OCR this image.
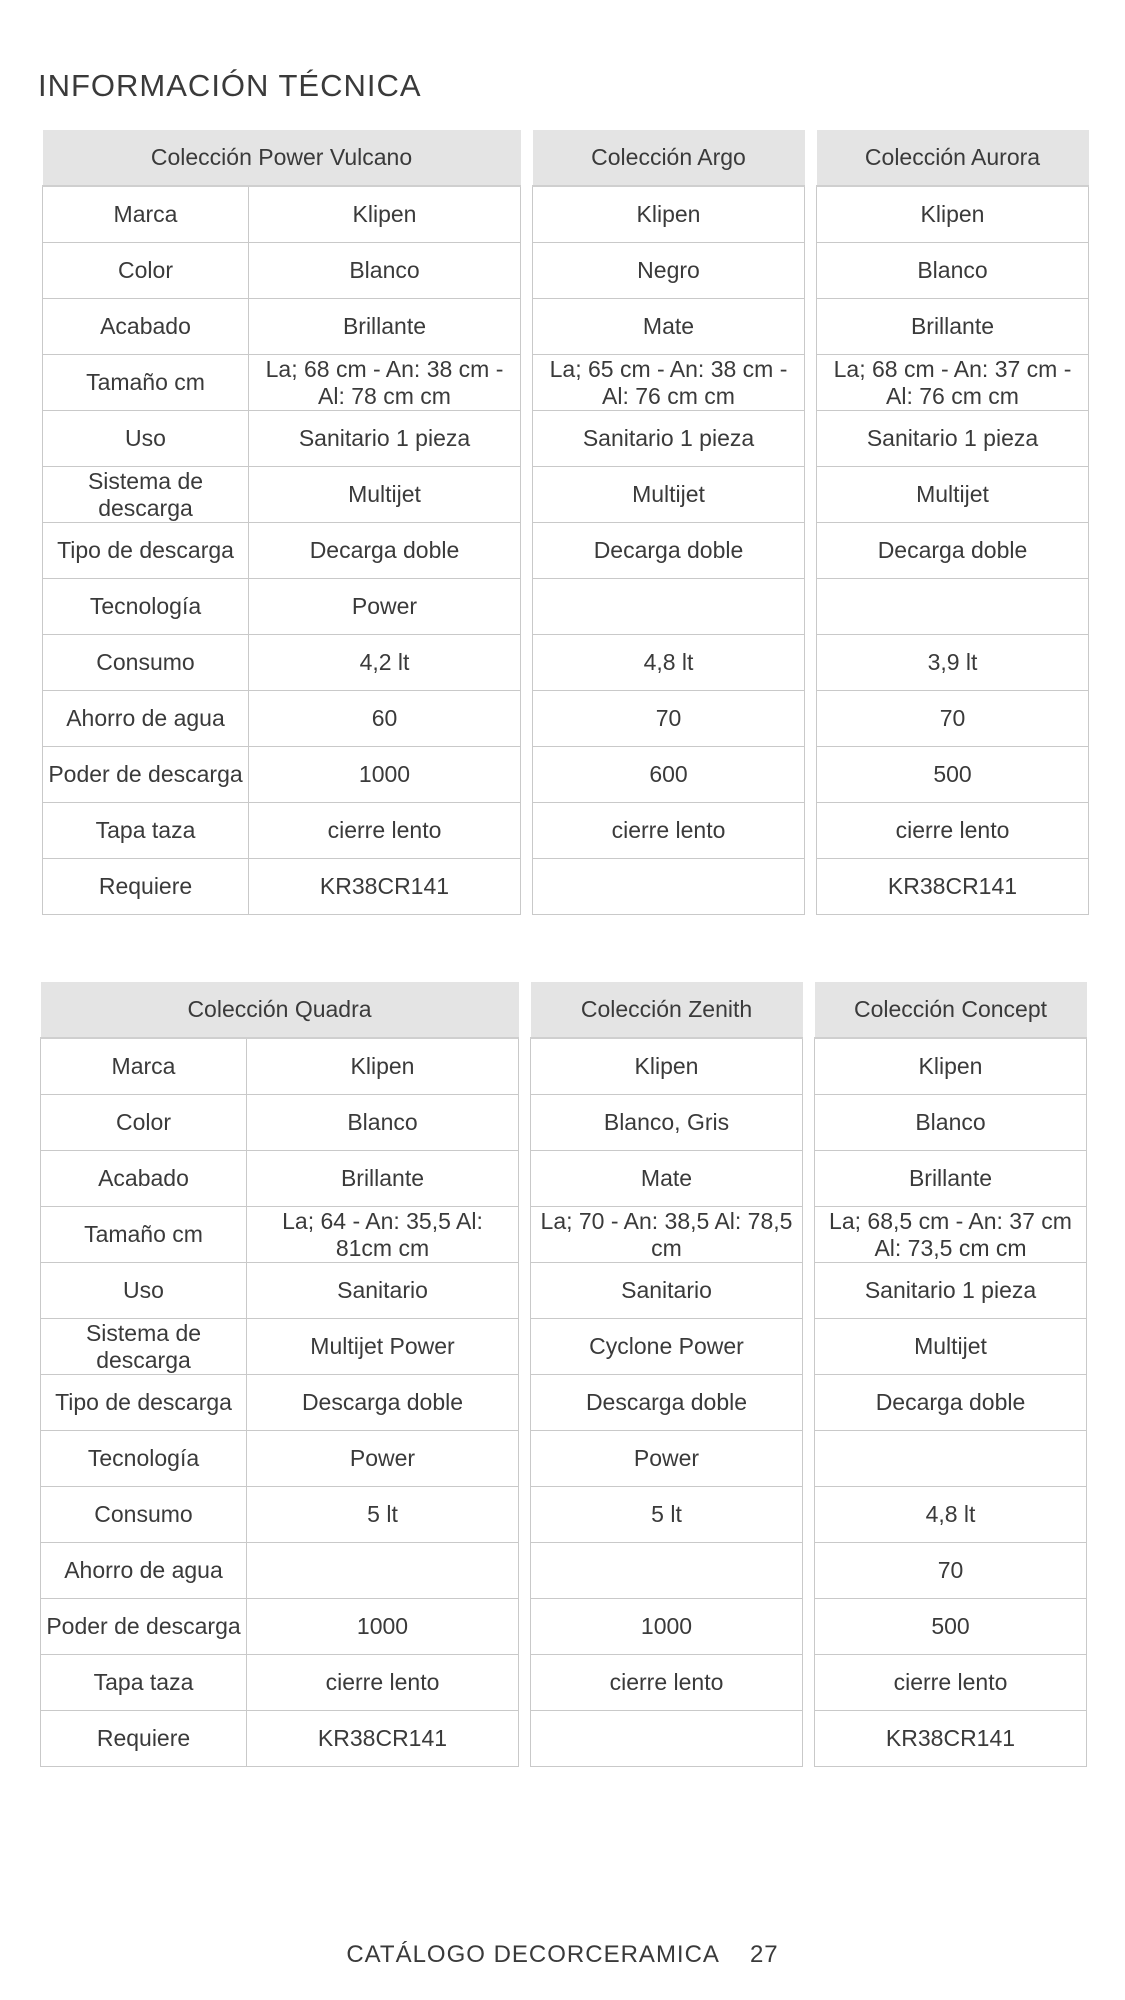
INFORMACIÓN TÉCNICA
Colección Power Vulcano			Colección Argo		Colección Aurora
Marca	Klipen		Klipen		Klipen
Color	Blanco		Negro		Blanco
Acabado	Brillante		Mate		Brillante
Tamaño cm	La; 68 cm - An: 38 cm - Al: 78 cm cm		La; 65 cm - An: 38 cm - Al: 76 cm cm		La; 68 cm - An: 37 cm - Al: 76 cm cm
Uso	Sanitario 1 pieza		Sanitario 1 pieza		Sanitario 1 pieza
Sistema de descarga	Multijet		Multijet		Multijet
Tipo de descarga	Decarga doble		Decarga doble		Decarga doble
Tecnología	Power				
Consumo	4,2 lt		4,8 lt		3,9 lt
Ahorro de agua	60		70		70
Poder de descarga	1000		600		500
Tapa taza	cierre lento		cierre lento		cierre lento
Requiere	KR38CR141				KR38CR141
Colección Quadra			Colección Zenith		Colección Concept
Marca	Klipen		Klipen		Klipen
Color	Blanco		Blanco, Gris		Blanco
Acabado	Brillante		Mate		Brillante
Tamaño cm	La; 64 - An: 35,5 Al: 81cm cm		La; 70 - An: 38,5 Al: 78,5 cm		La; 68,5 cm - An: 37 cm Al: 73,5 cm cm
Uso	Sanitario		Sanitario		Sanitario 1 pieza
Sistema de descarga	Multijet Power		Cyclone Power		Multijet
Tipo de descarga	Descarga doble		Descarga doble		Decarga doble
Tecnología	Power		Power		
Consumo	5 lt		5 lt		4,8 lt
Ahorro de agua					70
Poder de descarga	1000		1000		500
Tapa taza	cierre lento		cierre lento		cierre lento
Requiere	KR38CR141				KR38CR141
CATÁLOGO DECORCERAMICA 27
